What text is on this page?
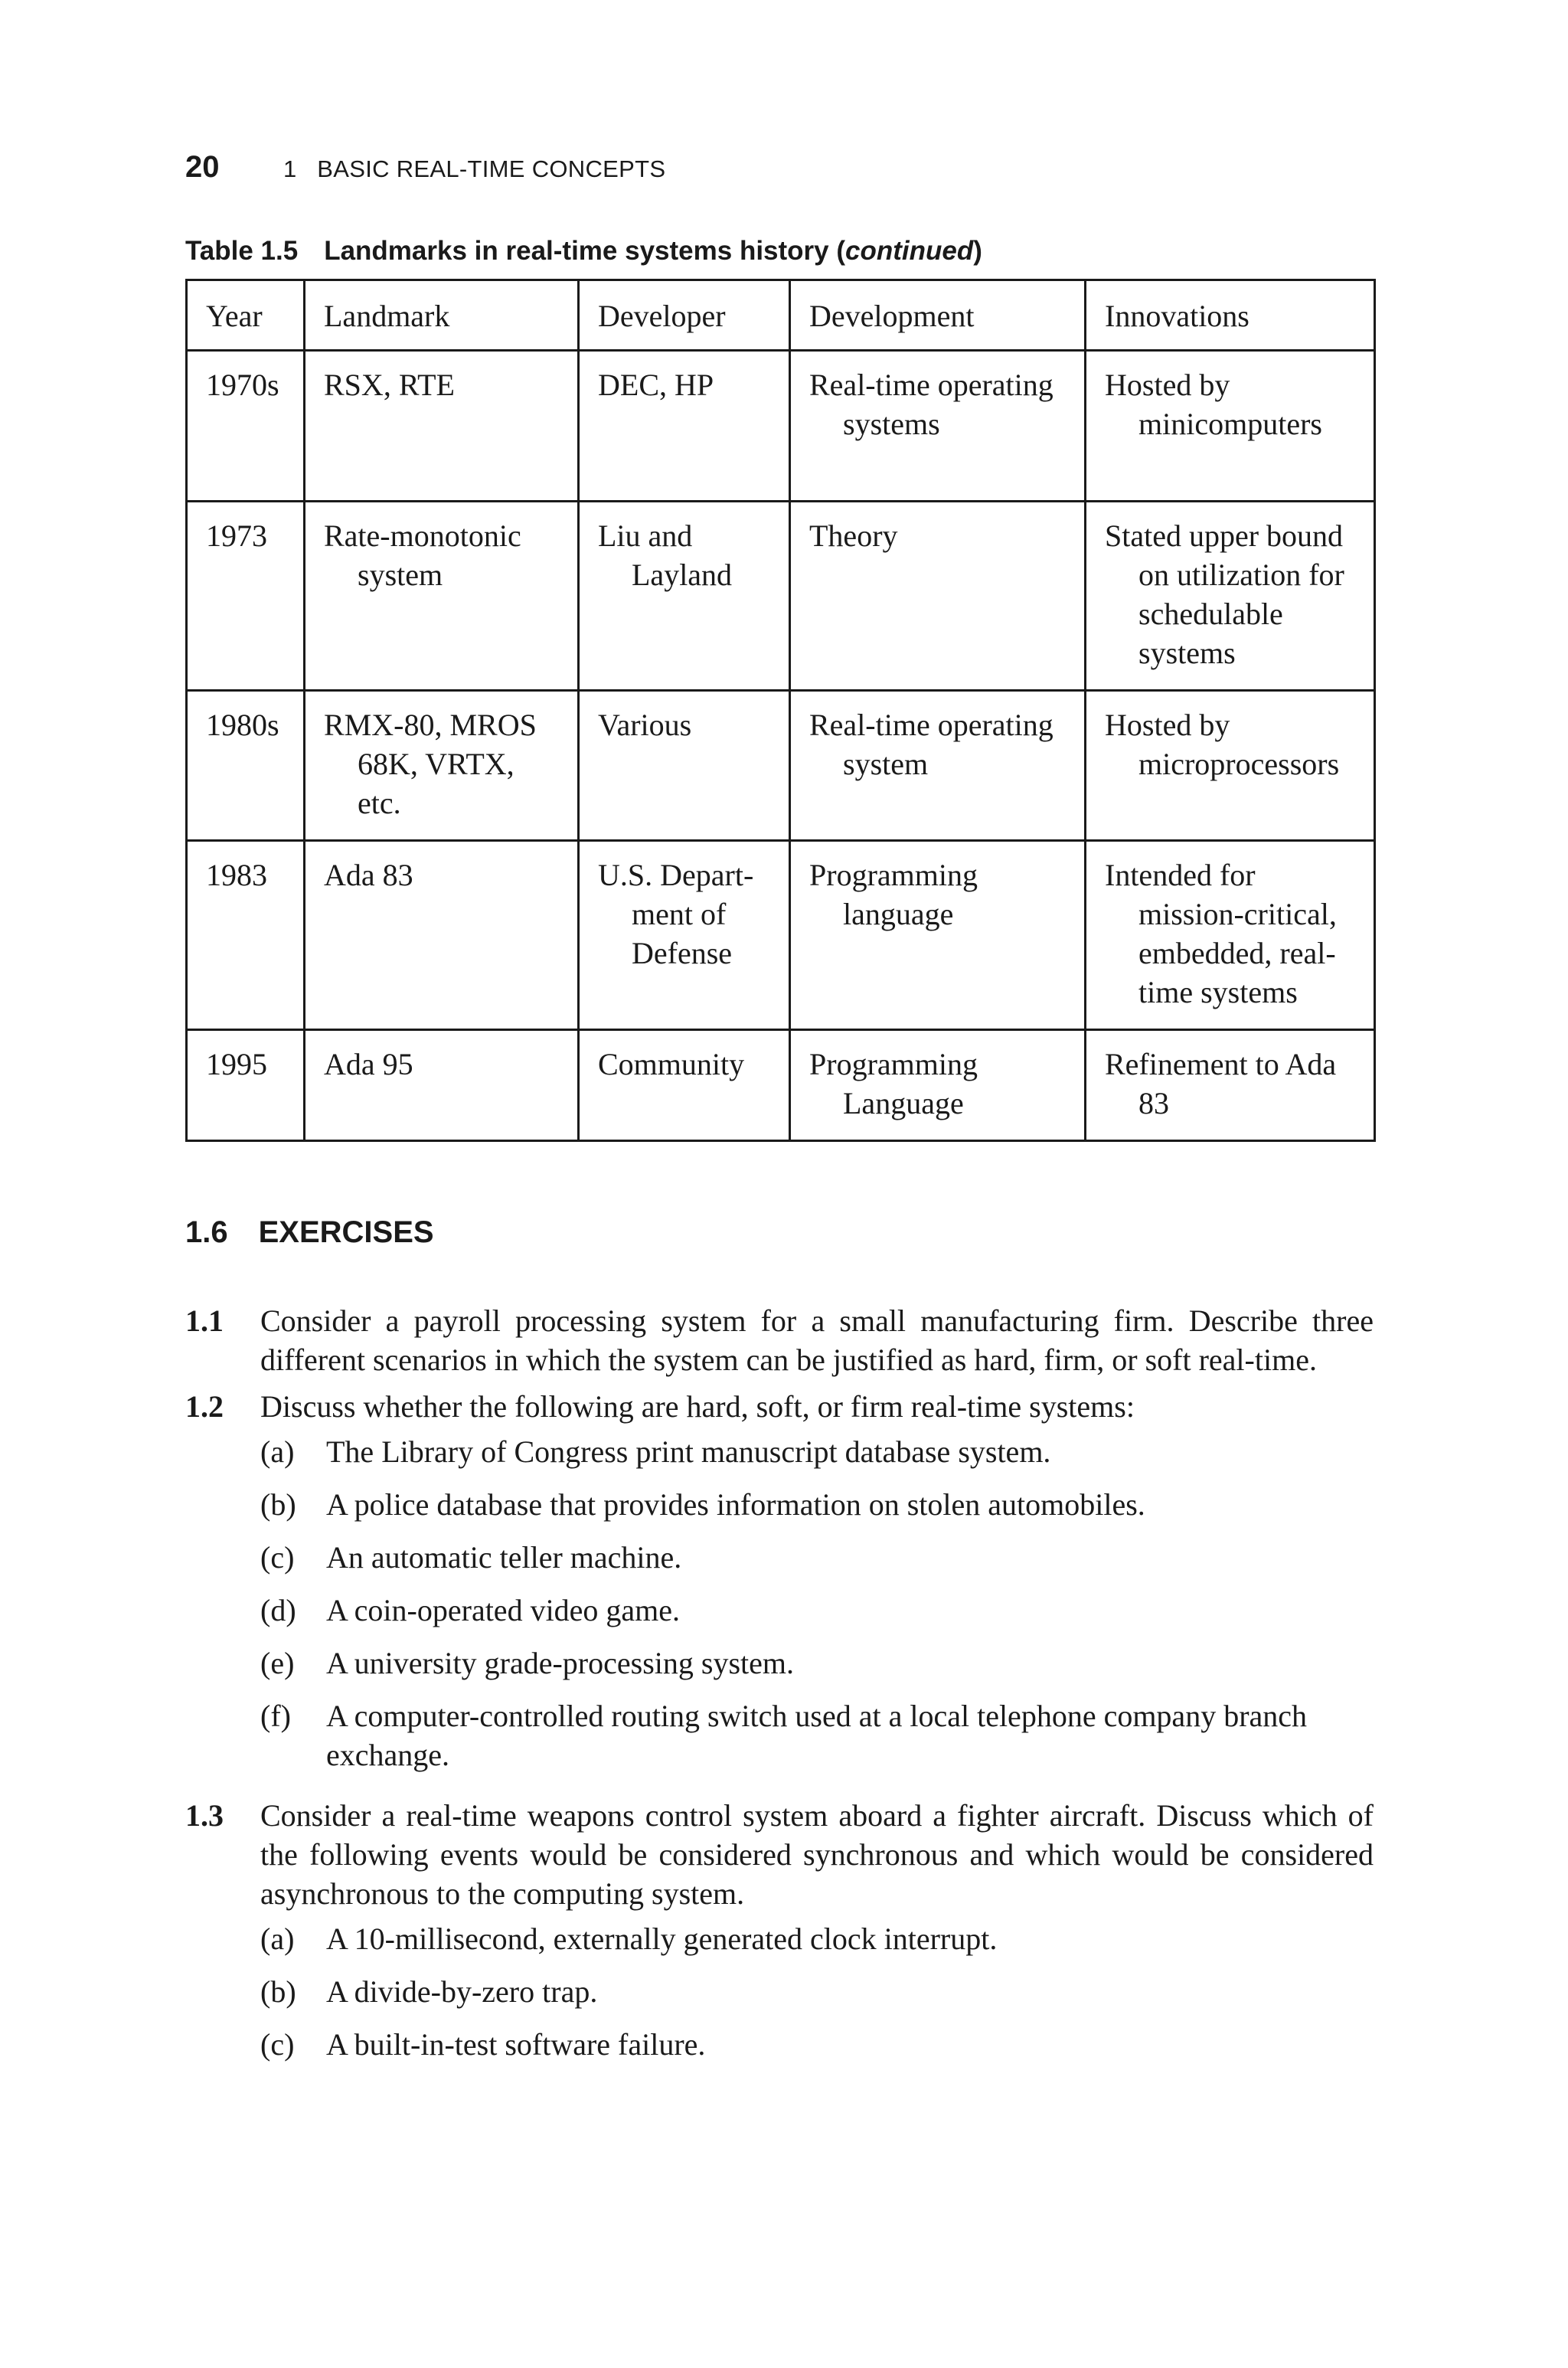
20	1   BASIC REAL-TIME CONCEPTS
Table 1.5 Landmarks in real-time systems history (continued)
Year	Landmark	Developer	Development	Innovations

1970s	RSX, RTE	DEC, HP	Real-time operating systems	Hosted by minicomputers

1973	Rate-monotonic system	Liu and Layland	Theory	Stated upper bound on utilization for schedulable systems

1980s	RMX-80, MROS 68K, VRTX, etc.	Various	Real-time operating system	Hosted by microprocessors

1983	Ada 83	U.S. Depart- ment of Defense	Programming language	Intended for mission-critical, embedded, real-time systems

1995	Ada 95	Community	Programming Language	Refinement to Ada 83
1.6 EXERCISES
1.1	Consider a payroll processing system for a small manufacturing firm. Describe three different scenarios in which the system can be justified as hard, firm, or soft real-time.
1.2	Discuss whether the following are hard, soft, or firm real-time systems:
(a)	The Library of Congress print manuscript database system.
(b) A police database that provides information on stolen automobiles.
(c)	An automatic teller machine.
(d) A coin-operated video game.
(e)	A university grade-processing system.
(f)	A computer-controlled routing switch used at a local telephone company branch exchange.
1.3	Consider a real-time weapons control system aboard a fighter aircraft. Discuss which of the following events would be considered synchronous and which would be considered asynchronous to the computing system.
(a)	A 10-millisecond, externally generated clock interrupt.
(b) A divide-by-zero trap.
(c)	A built-in-test software failure.
